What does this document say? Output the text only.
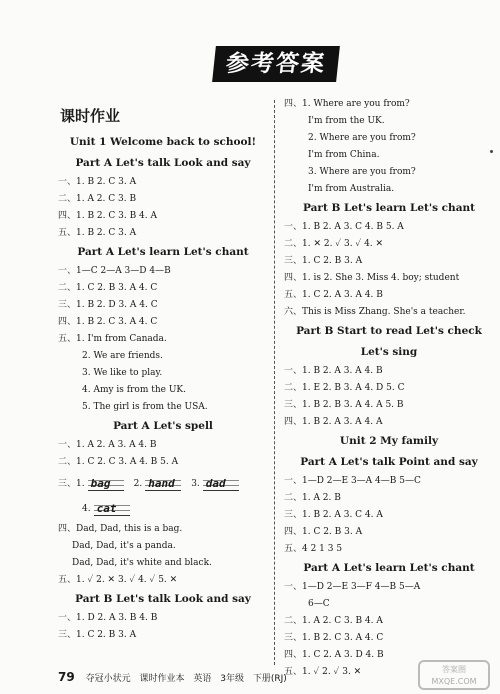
参考答案
课时作业
Unit 1 Welcome back to school!
Part A Let's talk Look and say
一、1. B 2. C 3. A
二、1. A 2. C 3. B
四、1. B 2. C 3. B 4. A
五、1. B 2. C 3. A
Part A Let's learn Let's chant
一、1—C 2—A 3—D 4—B
二、1. C 2. B 3. A 4. C
三、1. B 2. D 3. A 4. C
四、1. B 2. C 3. A 4. C
五、1. I'm from Canada.
2. We are friends.
3. We like to play.
4. Amy is from the UK.
5. The girl is from the USA.
Part A Let's spell
一、1. A 2. A 3. A 4. B
二、1. C 2. C 3. A 4. B 5. A
三、1. bag	2. hand 3. dad
4. cat
四、Dad, Dad, this is a bag.
Dad, Dad, it's a panda.
Dad, Dad, it's white and black.
五、1. ✓ 2. ✕ 3. ✓ 4. ✓ 5. ✕
Part B Let's talk Look and say
一、1. D 2. A 3. B 4. B
三、1. C 2. B 3. A
四、1. Where are you from?
I'm from the UK.
2. Where are you from?
I'm from China.
3. Where are you from?
I'm from Australia.
Part B Let's learn Let's chant
一、1. B 2. A 3. C 4. B 5. A
二、1. ✕ 2. ✓ 3. ✓ 4. ✕
三、1. C 2. B 3. A
四、1. is 2. She 3. Miss 4. boy; student
五、1. C 2. A 3. A 4. B
六、This is Miss Zhang. She's a teacher.
Part B Start to read Let's check
Let's sing
一、1. B 2. A 3. A 4. B
二、1. E 2. B 3. A 4. D 5. C
三、1. B 2. B 3. A 4. A 5. B
四、1. B 2. A 3. A 4. A
Unit 2 My family
Part A Let's talk Point and say
一、1—D 2—E 3—A 4—B 5—C
二、1. A 2. B
三、1. B 2. A 3. C 4. A
四、1. C 2. B 3. A
五、4 2 1 3 5
Part A Let's learn Let's chant
一、1—D 2—E 3—F 4—B 5—A
6—C
二、1. A 2. C 3. B 4. A
三、1. B 2. C 3. A 4. C
四、1. C 2. A 3. D 4. B
五、1. ✓ 2. ✓ 3. ✕
79 夺冠小状元 课时作业本 英语 3年级 下册(RJ)
答案圈
MXQE.COM
